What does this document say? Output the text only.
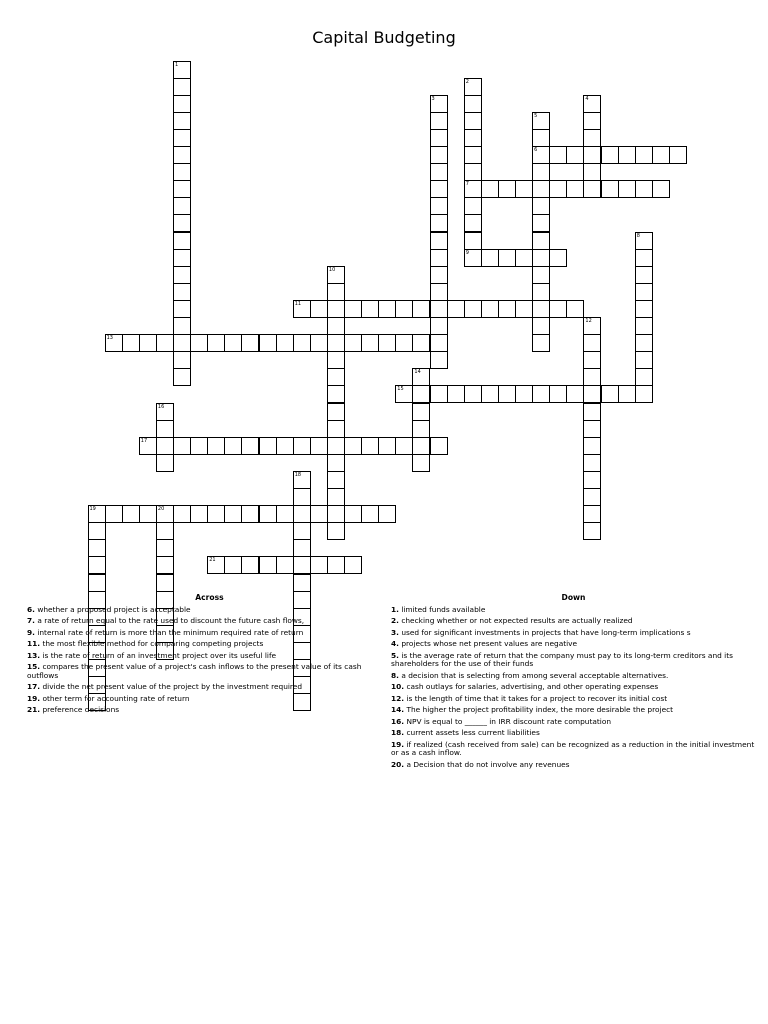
Capital Budgeting
1
2
7
3	4
5
6
8
9
10
11
12
13
14
15
16
17
18
19	20
21
Across
6. whether a proposed project is acceptable
7. a rate of return equal to the rate used to discount the future cash flows,
9. internal rate of return is more than the minimum required rate of return
11. the most flexible method for comparing competing projects
13. is the rate of return of an investment project over its useful life
15. compares the present value of a project's cash inflows to the present value of its cash outflows
17. divide the net present value of the project by the investment required
19. other term for accounting rate of return
21. preference decisions
Down
1. limited funds available
2. checking whether or not expected results are actually realized
3. used for significant investments in projects that have long-term implications s
4. projects whose net present values are negative
5. is the average rate of return that the company must pay to its long-term creditors and its shareholders for the use of their funds
8. a decision that is selecting from among several acceptable alternatives.
10. cash outlays for salaries, advertising, and other operating expenses
12. is the length of time that it takes for a project to recover its initial cost
14. The higher the project profitability index, the more desirable the project
16. NPV is equal to ______ in IRR discount rate computation
18. current assets less current liabilities
19. if realized (cash received from sale) can be recognized as a reduction in the initial investment or as a cash inflow.
20. a Decision that do not involve any revenues
